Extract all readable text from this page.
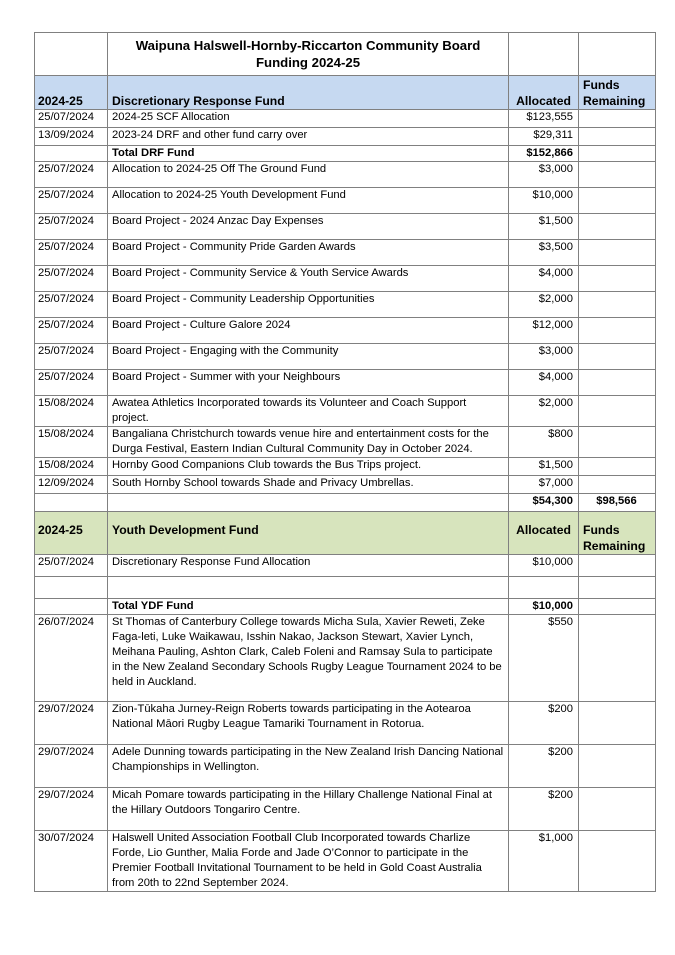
	Waipuna Halswell-Hornby-Riccarton Community Board
Funding 2024-25		
2024-25	Discretionary Response Fund	Allocated	Funds
Remaining
25/07/2024	2024-25 SCF Allocation	$123,555	
13/09/2024	2023-24 DRF and other fund carry over	$29,311	
	Total DRF Fund	$152,866	
25/07/2024	Allocation to 2024-25 Off The Ground Fund	$3,000	
25/07/2024	Allocation to 2024-25 Youth Development Fund	$10,000	
25/07/2024	Board Project - 2024 Anzac Day Expenses	$1,500	
25/07/2024	Board Project - Community Pride Garden Awards	$3,500	
25/07/2024	Board Project - Community Service & Youth Service Awards	$4,000	
25/07/2024	Board Project - Community Leadership Opportunities	$2,000	
25/07/2024	Board Project - Culture Galore 2024	$12,000	
25/07/2024	Board Project - Engaging with the Community	$3,000	
25/07/2024	Board Project - Summer with your Neighbours	$4,000	
15/08/2024	Awatea Athletics Incorporated towards its Volunteer and Coach Support project.	$2,000	
15/08/2024	Bangaliana Christchurch towards venue hire and entertainment costs for the Durga Festival, Eastern Indian Cultural Community Day in October 2024.	$800	
15/08/2024	Hornby Good Companions Club towards the Bus Trips project.	$1,500	
12/09/2024	South Hornby School towards Shade and Privacy Umbrellas.	$7,000	
		$54,300	$98,566
2024-25	Youth Development Fund	Allocated	Funds
Remaining
25/07/2024	Discretionary Response Fund Allocation	$10,000	

	Total YDF Fund	$10,000	
26/07/2024	St Thomas of Canterbury College towards Micha Sula, Xavier Reweti, Zeke Faga-leti, Luke Waikawau, Isshin Nakao, Jackson Stewart, Xavier Lynch, Meihana Pauling, Ashton Clark, Caleb Foleni and Ramsay Sula to participate in the New Zealand Secondary Schools Rugby League Tournament 2024 to be held in Auckland.	$550	
29/07/2024	Zion-Tūkaha Jurney-Reign Roberts towards participating in the Aotearoa National Māori Rugby League Tamariki Tournament in Rotorua.	$200	
29/07/2024	Adele Dunning towards participating in the New Zealand Irish Dancing National Championships in Wellington.	$200	
29/07/2024	Micah Pomare towards participating in the Hillary Challenge National Final at the Hillary Outdoors Tongariro Centre.	$200	
30/07/2024	Halswell United Association Football Club Incorporated towards Charlize Forde, Lio Gunther, Malia Forde and Jade O’Connor to participate in the Premier Football Invitational Tournament to be held in Gold Coast Australia from 20th to 22nd September 2024.	$1,000	
